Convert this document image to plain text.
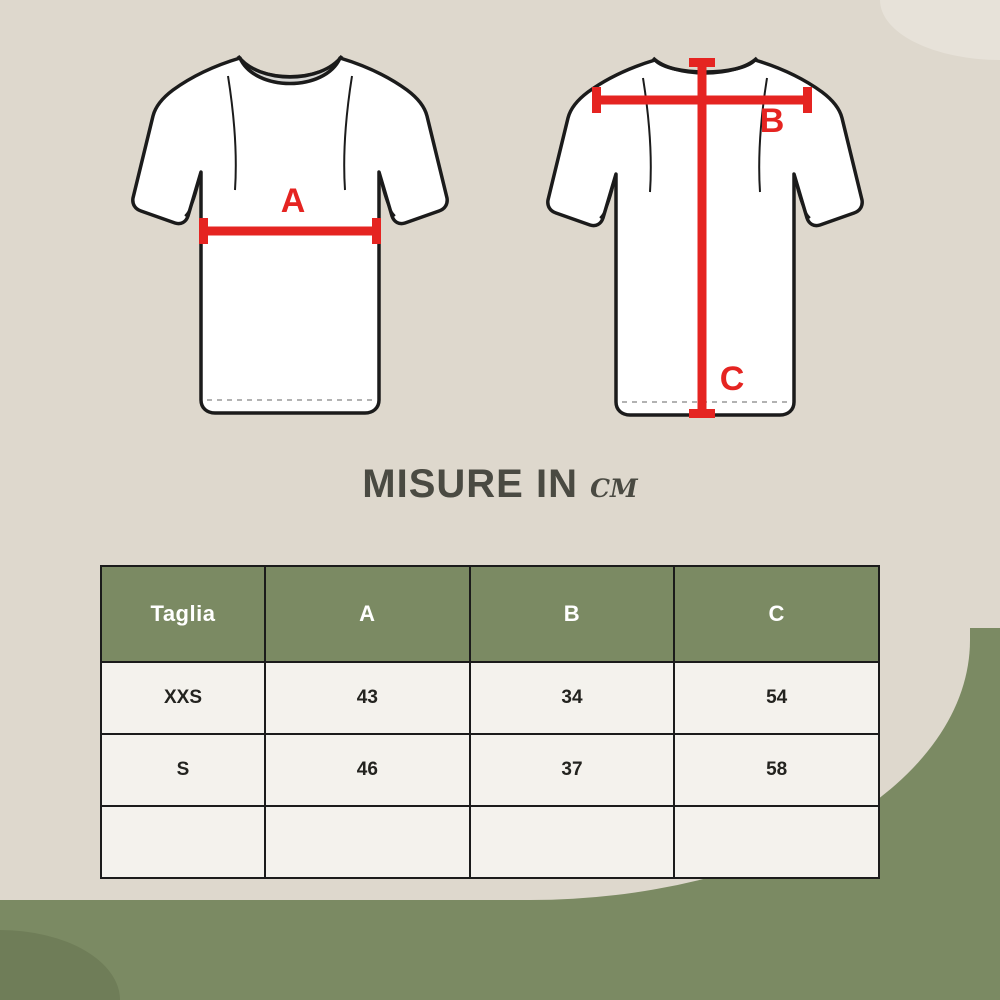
A
B
C
MISURE IN cm
Taglia	A	B	C
XXS	43	34	54
S	46	37	58
